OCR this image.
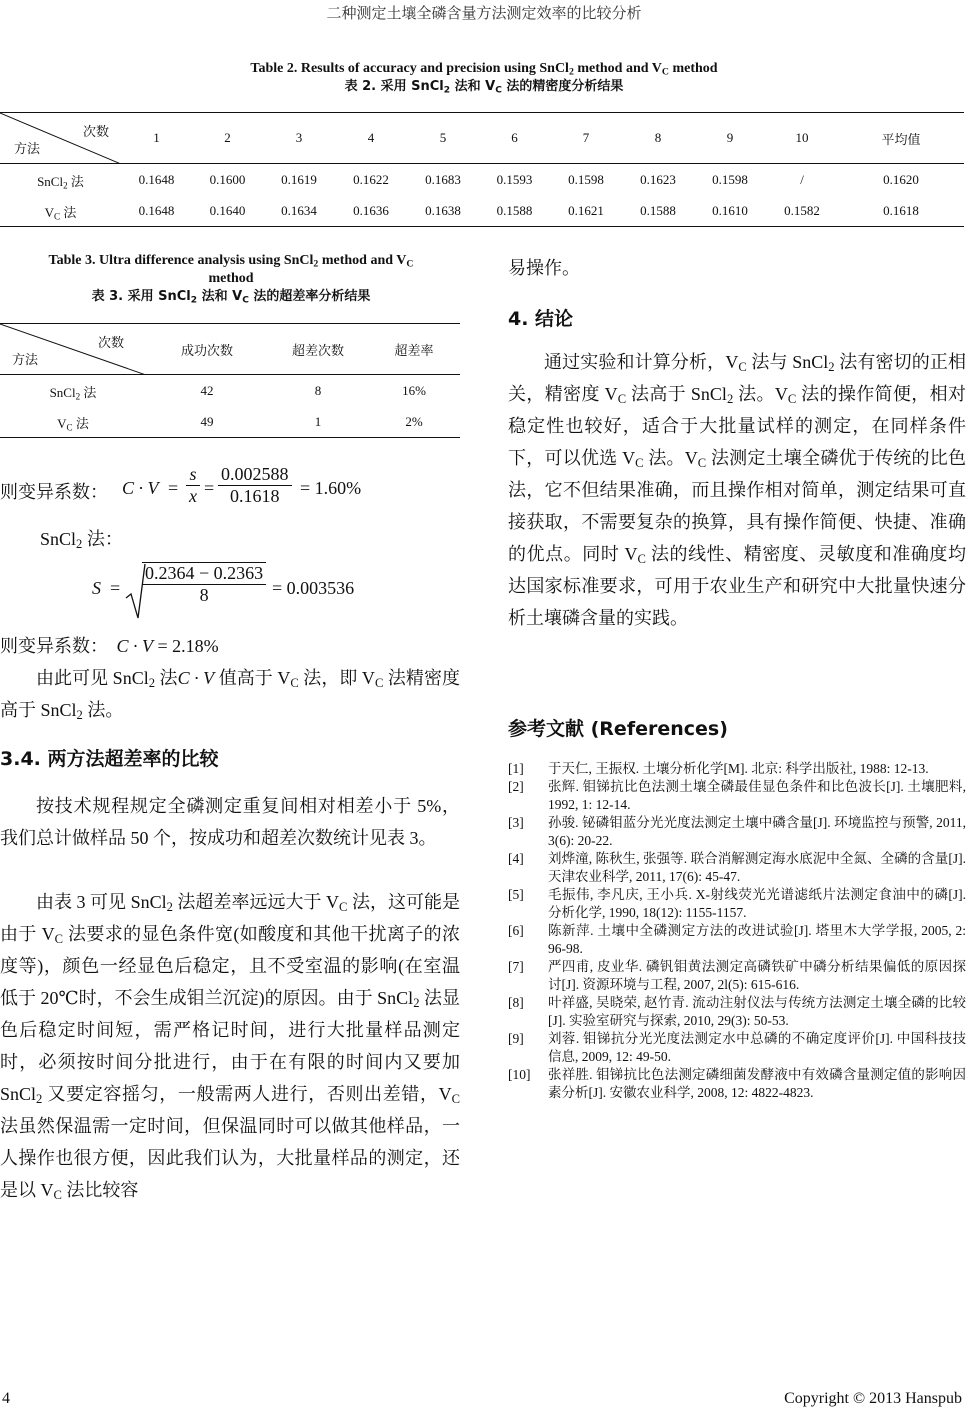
二种测定土壤全磷含量方法测定效率的比较分析
Table 2. Results of accuracy and precision using SnCl$_2$ method and $V_C$ method
表 2. 采用 SnCl$_2$ 法和 $V_C$ 法的精密度分析结果
次数
方法	1	2	3	4	5	6	7	8	9	10	平均值
SnCl$_2$ 法	0.1648	0.1600	0.1619	0.1622	0.1683	0.1593	0.1598	0.1623	0.1598	/	0.1620
$V_C$ 法	0.1648	0.1640	0.1634	0.1636	0.1638	0.1588	0.1621	0.1588	0.1610	0.1582	0.1618
Table 3. Ultra difference analysis using SnCl$_2$ method and $V_C$
method
表 3. 采用 SnCl$_2$ 法和 $V_C$ 法的超差率分析结果
次数
方法	成功次数	超差次数	超差率
SnCl$_2$ 法	42	8	16%
$V_C$ 法	49	1	2%
则变异系数： $C \cdot V = \frac{s}{x} = \frac{0.002588}{0.1618} = 1.60\%$
SnCl$_2$ 法：
$S = \frac{0.2364 - 0.2363}{8} = 0.003536$
则变异系数： C · V = 2.18%
由此可见 SnCl$_2$ 法C · V 值高于 $V_C$ 法，即 $V_C$ 法精密度高于 SnCl$_2$ 法。
3.4. 两方法超差率的比较
按技术规程规定全磷测定重复间相对相差小于 5%，我们总计做样品 50 个，按成功和超差次数统计见表 3。
由表 3 可见 SnCl$_2$ 法超差率远远大于 $V_C$ 法，这可能是由于 $V_C$ 法要求的显色条件宽(如酸度和其他干扰离子的浓度等)，颜色一经显色后稳定，且不受室温的影响(在室温低于 20℃时，不会生成钼兰沉淀)的原因。由于 SnCl$_2$ 法显色后稳定时间短，需严格记时间，进行大批量样品测定时，必须按时间分批进行，由于在有限的时间内又要加 SnCl$_2$ 又要定容摇匀，一般需两人进行，否则出差错，$V_C$ 法虽然保温需一定时间，但保温同时可以做其他样品，一人操作也很方便，因此我们认为，大批量样品的测定，还是以 $V_C$ 法比较容
易操作。
4. 结论
通过实验和计算分析，$V_C$ 法与 SnCl$_2$ 法有密切的正相关，精密度 $V_C$ 法高于 SnCl$_2$ 法。$V_C$ 法的操作简便，相对稳定性也较好，适合于大批量试样的测定，在同样条件下，可以优选 $V_C$ 法。$V_C$ 法测定土壤全磷优于传统的比色法，它不但结果准确，而且操作相对简单，测定结果可直接获取，不需要复杂的换算，具有操作简便、快捷、准确的优点。同时 $V_C$ 法的线性、精密度、灵敏度和准确度均达国家标准要求，可用于农业生产和研究中大批量快速分析土壤磷含量的实践。
参考文献 (References)
[1]	于天仁, 王振权. 土壤分析化学[M]. 北京: 科学出版社, 1988: 12-13.
[2]	张辉. 钼锑抗比色法测土壤全磷最佳显色条件和比色波长[J]. 土壤肥料, 1992, 1: 12-14.
[3]	孙骏. 铋磷钼蓝分光光度法测定土壤中磷含量[J]. 环境监控与预警, 2011, 3(6): 20-22.
[4]	刘烨潼, 陈秋生, 张强等. 联合消解测定海水底泥中全氮、全磷的含量[J]. 天津农业科学, 2011, 17(6): 45-47.
[5]	毛振伟, 李凡庆, 王小兵. X-射线荧光光谱滤纸片法测定食油中的磷[J]. 分析化学, 1990, 18(12): 1155-1157.
[6]	陈新萍. 土壤中全磷测定方法的改进试验[J]. 塔里木大学学报, 2005, 2: 96-98.
[7]	严四甫, 皮业华. 磷钒钼黄法测定高磷铁矿中磷分析结果偏低的原因探讨[J]. 资源环境与工程, 2007, 2l(5): 615-616.
[8]	叶祥盛, 吴晓荣, 赵竹青. 流动注射仪法与传统方法测定土壤全磷的比较[J]. 实验室研究与探索, 2010, 29(3): 50-53.
[9]	刘蓉. 钼锑抗分光光度法测定水中总磷的不确定度评价[J]. 中国科技技信息, 2009, 12: 49-50.
[10]	张祥胜. 钼锑抗比色法测定磷细菌发酵液中有效磷含量测定值的影响因素分析[J]. 安徽农业科学, 2008, 12: 4822-4823.
4	Copyright © 2013 Hanspub
